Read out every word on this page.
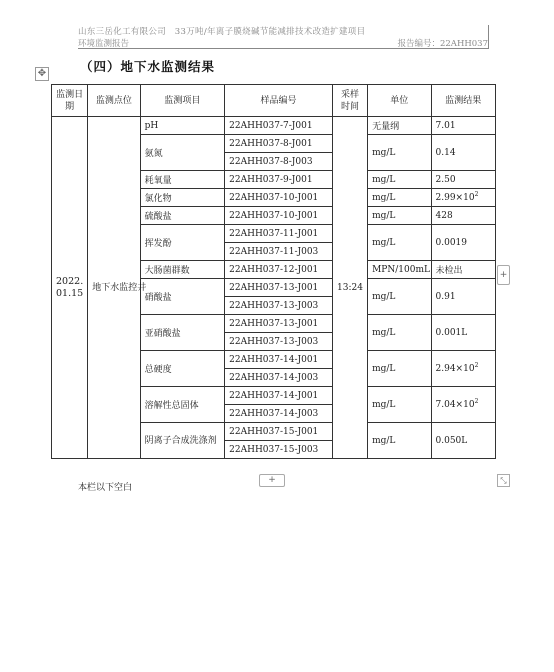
山东三岳化工有限公司　33万吨/年离子膜烧碱节能减排技术改造扩建项目
环境监测报告	报告编号：22AHH037
✥	（四）地下水监测结果
监测日期	监测点位	监测项目	样品编号	采样时间	单位	监测结果
2022.01.15	地下水监控井	pH	22AHH037-7-J001	13:24	无量纲	7.01
		氨氮	22AHH037-8-J001		mg/L	0.14
			22AHH037-8-J003			
		耗氧量	22AHH037-9-J001		mg/L	2.50
		氯化物	22AHH037-10-J001		mg/L	$2.99\times 10^2$
		硫酸盐	22AHH037-10-J001		mg/L	428
		挥发酚	22AHH037-11-J001		mg/L	0.0019
			22AHH037-11-J003			
		大肠菌群数	22AHH037-12-J001		MPN/100mL	未检出
		硝酸盐	22AHH037-13-J001		mg/L	0.91
			22AHH037-13-J003			
		亚硝酸盐	22AHH037-13-J001		mg/L	0.001L
			22AHH037-13-J003			
		总硬度	22AHH037-14-J001		mg/L	$2.94\times 10^2$
			22AHH037-14-J003			
		溶解性总固体	22AHH037-14-J001		mg/L	$7.04\times 10^2$
			22AHH037-14-J003			
		阴离子合成洗涤剂	22AHH037-15-J001		mg/L	0.050L
			22AHH037-15-J003			
+
+	⤡
本栏以下空白
